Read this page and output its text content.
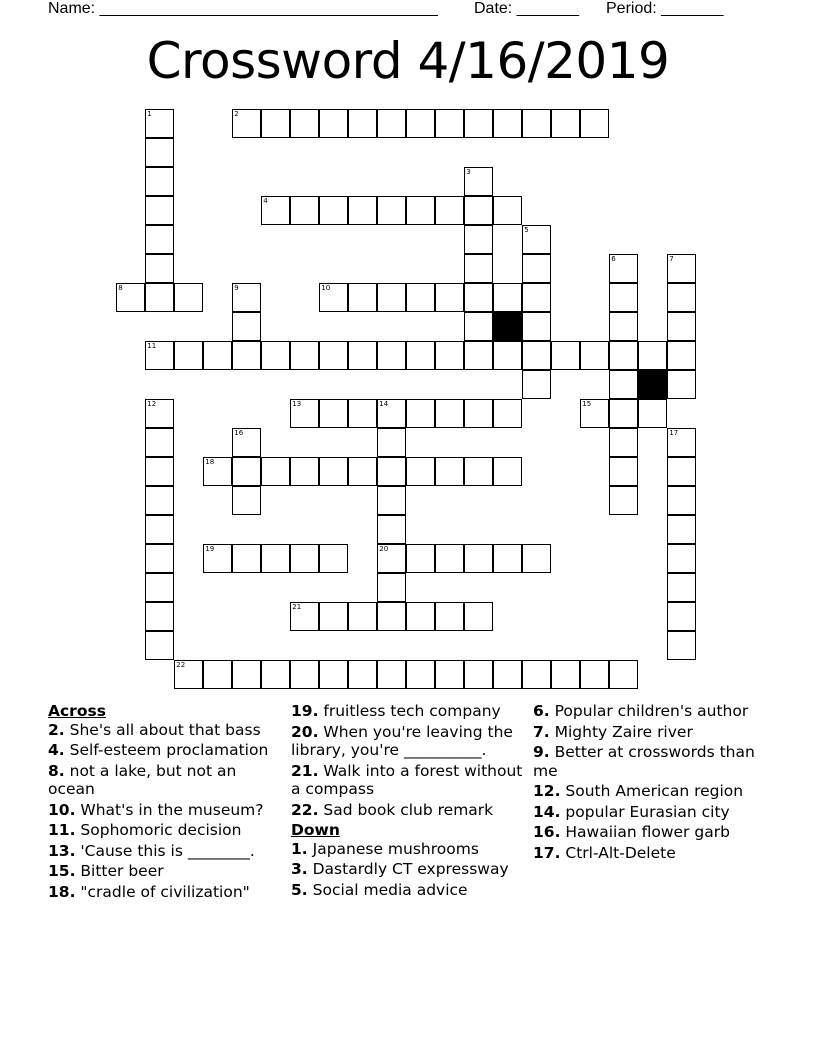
Name: ______________________________________ Date: _______ Period: _______
Crossword 4/16/2019
1	2
3
4
5
6	7
8	9	10
11
12	13	14
20
15
16	17
18
19
21
22
Across
2. She's all about that bass
4. Self-esteem proclamation
8. not a lake, but not an ocean
10. What's in the museum?
11. Sophomoric decision
13. 'Cause this is ________.
15. Bitter beer
18. "cradle of civilization"
19. fruitless tech company
20. When you're leaving the library, you're __________.
21. Walk into a forest without a compass
22. Sad book club remark
Down
1. Japanese mushrooms
3. Dastardly CT expressway
5. Social media advice
6. Popular children's author
7. Mighty Zaire river
9. Better at crosswords than me
12. South American region
14. popular Eurasian city
16. Hawaiian flower garb
17. Ctrl-Alt-Delete
